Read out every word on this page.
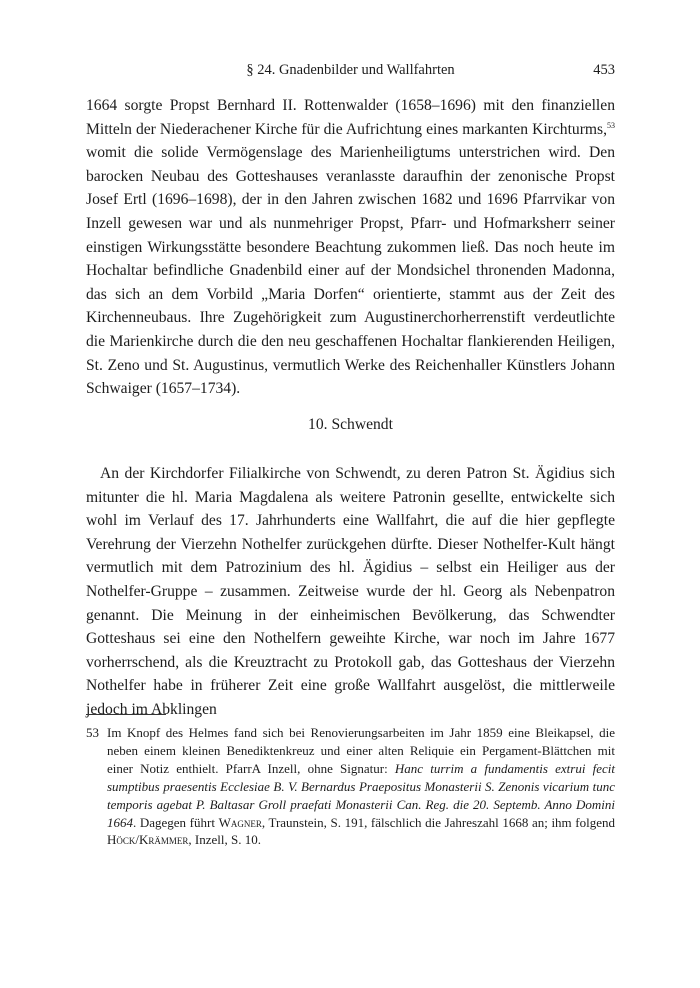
§ 24. Gnadenbilder und Wallfahrten	453

1664 sorgte Propst Bernhard II. Rottenwalder (1658–1696) mit den finanziellen Mitteln der Niederachener Kirche für die Aufrichtung eines markanten Kirchturms,$^{53}$ womit die solide Vermögenslage des Marienheiligtums unterstrichen wird. Den barocken Neubau des Gotteshauses veranlasste daraufhin der zenonische Propst Josef Ertl (1696–1698), der in den Jahren zwischen 1682 und 1696 Pfarrvikar von Inzell gewesen war und als nunmehriger Propst, Pfarr- und Hofmarksherr seiner einstigen Wirkungsstätte besondere Beachtung zukommen ließ. Das noch heute im Hochaltar befindliche Gnadenbild einer auf der Mondsichel thronenden Madonna, das sich an dem Vorbild „Maria Dorfen“ orientierte, stammt aus der Zeit des Kirchenneubaus. Ihre Zugehörigkeit zum Augustinerchorherrenstift verdeutlichte die Marienkirche durch die den neu geschaffenen Hochaltar flankierenden Heiligen, St. Zeno und St. Augustinus, vermutlich Werke des Reichenhaller Künstlers Johann Schwaiger (1657–1734).

10. Schwendt

An der Kirchdorfer Filialkirche von Schwendt, zu deren Patron St. Ägidius sich mitunter die hl. Maria Magdalena als weitere Patronin gesellte, entwickelte sich wohl im Verlauf des 17. Jahrhunderts eine Wallfahrt, die auf die hier gepflegte Verehrung der Vierzehn Nothelfer zurückgehen dürfte. Dieser Nothelfer-Kult hängt vermutlich mit dem Patrozinium des hl. Ägidius – selbst ein Heiliger aus der Nothelfer-Gruppe – zusammen. Zeitweise wurde der hl. Georg als Nebenpatron genannt. Die Meinung in der einheimischen Bevölkerung, das Schwendter Gotteshaus sei eine den Nothelfern geweihte Kirche, war noch im Jahre 1677 vorherrschend, als die Kreuztracht zu Protokoll gab, das Gotteshaus der Vierzehn Nothelfer habe in früherer Zeit eine große Wallfahrt ausgelöst, die mittlerweile jedoch im Abklingen

53 Im Knopf des Helmes fand sich bei Renovierungsarbeiten im Jahr 1859 eine Bleikapsel, die neben einem kleinen Benediktenkreuz und einer alten Reliquie ein Pergament-Blättchen mit einer Notiz enthielt. PfarrA Inzell, ohne Signatur: Hanc turrim a fundamentis extrui fecit sumptibus praesentis Ecclesiae B. V. Bernardus Praepositus Monasterii S. Zenonis vicarium tunc temporis agebat P. Baltasar Groll praefati Monasterii Can. Reg. die 20. Septemb. Anno Domini 1664. Dagegen führt Wagner, Traunstein, S. 191, fälschlich die Jahreszahl 1668 an; ihm folgend Höck/Krämmer, Inzell, S. 10.
